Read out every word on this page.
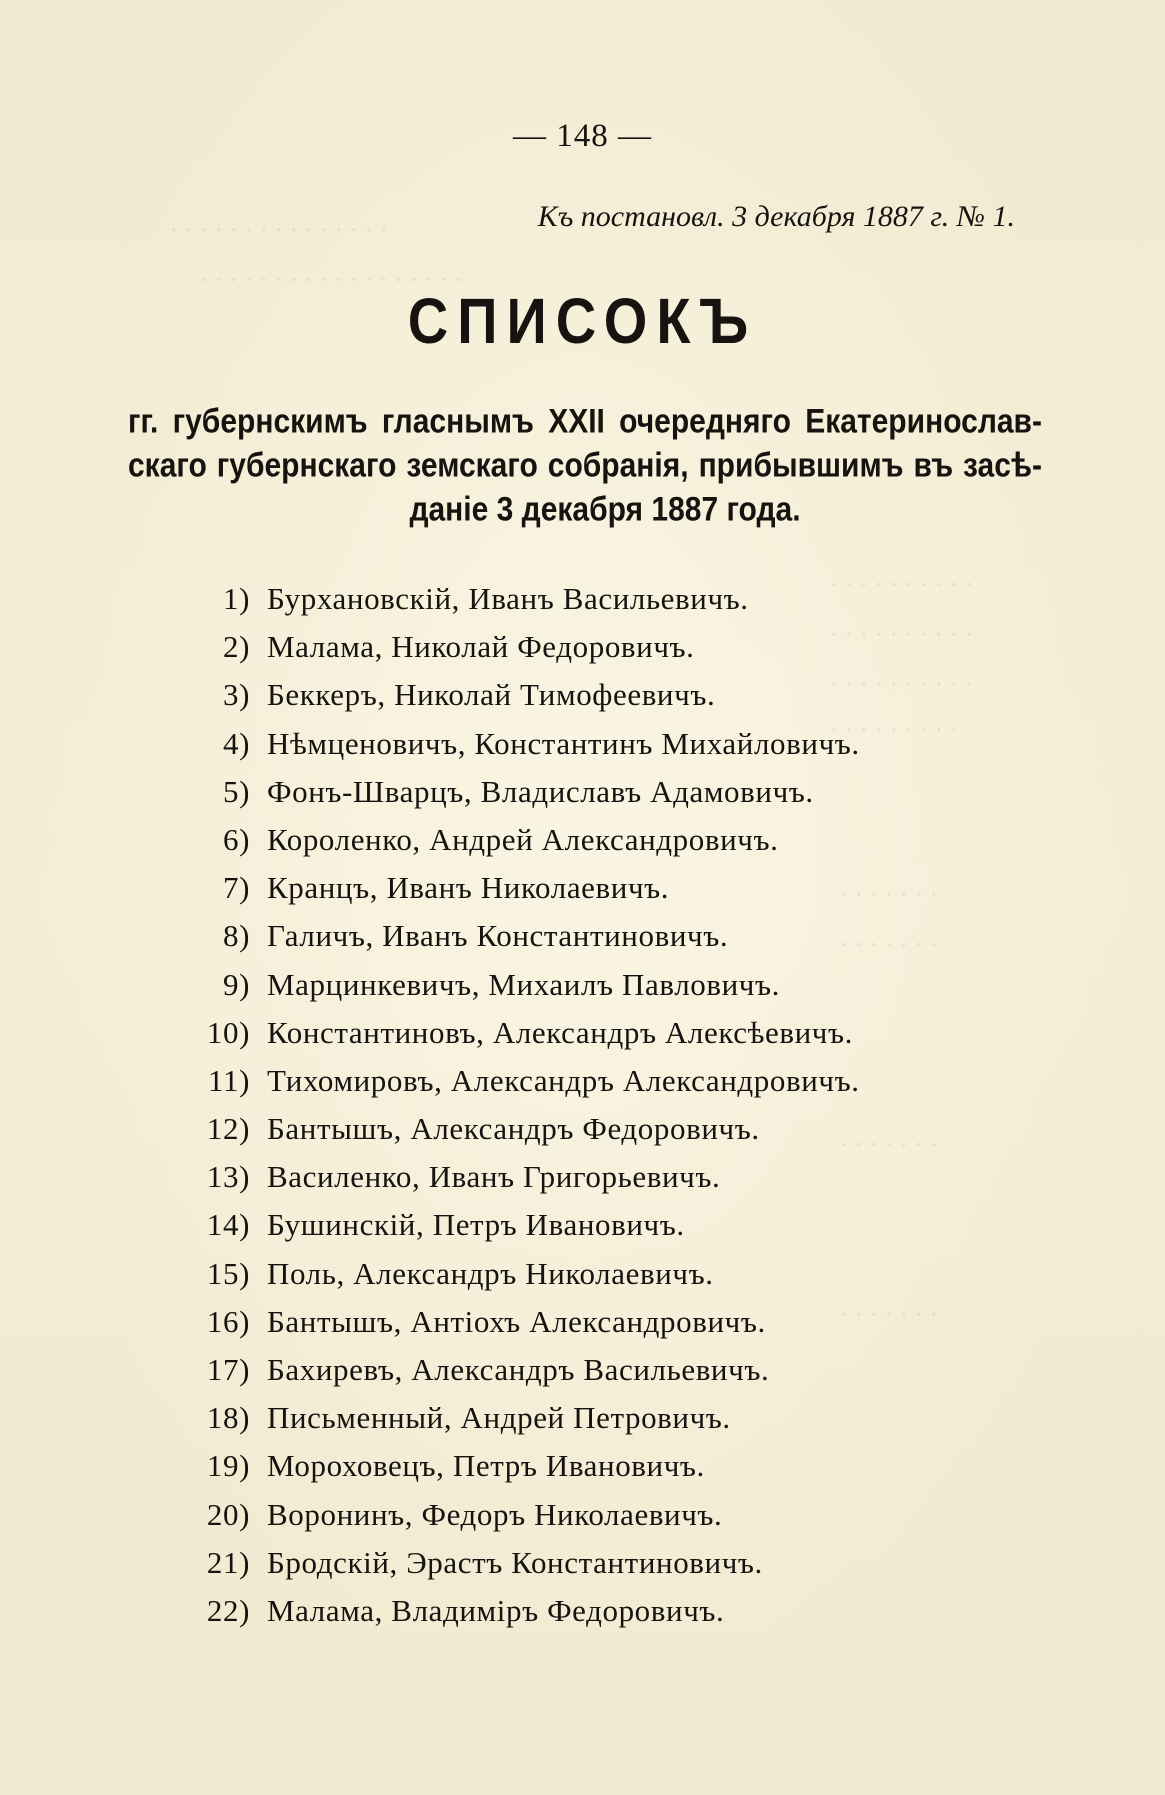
. . . . . . . . . . . . . . .
. . . . . . . . . . . . . . . . . .
. . . . . . . . . .
. . . . . . . . . .
. . . . . . . . . .
. . . . . . . . .
. . . . . . .
. . . . . . .
. . . . . . .
. . . . . . .
— 148 —
Къ постановл. 3 декабря 1887 г. № 1.
СПИСОКЪ
гг. губернскимъ гласнымъ XXII очередняго Екатеринослав-
скаго губернскаго земскаго собранія, прибывшимъ въ засѣ-
даніе 3 декабря 1887 года.
1) Бурхановскій, Иванъ Васильевичъ.
2) Малама, Николай Федоровичъ.
3) Беккеръ, Николай Тимофеевичъ.
4) Нѣмценовичъ, Константинъ Михайловичъ.
5) Фонъ-Шварцъ, Владиславъ Адамовичъ.
6) Короленко, Андрей Александровичъ.
7) Кранцъ, Иванъ Николаевичъ.
8) Галичъ, Иванъ Константиновичъ.
9) Марцинкевичъ, Михаилъ Павловичъ.
10) Константиновъ, Александръ Алексѣевичъ.
11) Тихомировъ, Александръ Александровичъ.
12) Бантышъ, Александръ Федоровичъ.
13) Василенко, Иванъ Григорьевичъ.
14) Бушинскій, Петръ Ивановичъ.
15) Поль, Александръ Николаевичъ.
16) Бантышъ, Антіохъ Александровичъ.
17) Бахиревъ, Александръ Васильевичъ.
18) Письменный, Андрей Петровичъ.
19) Мороховецъ, Петръ Ивановичъ.
20) Воронинъ, Федоръ Николаевичъ.
21) Бродскій, Эрастъ Константиновичъ.
22) Малама, Владиміръ Федоровичъ.
